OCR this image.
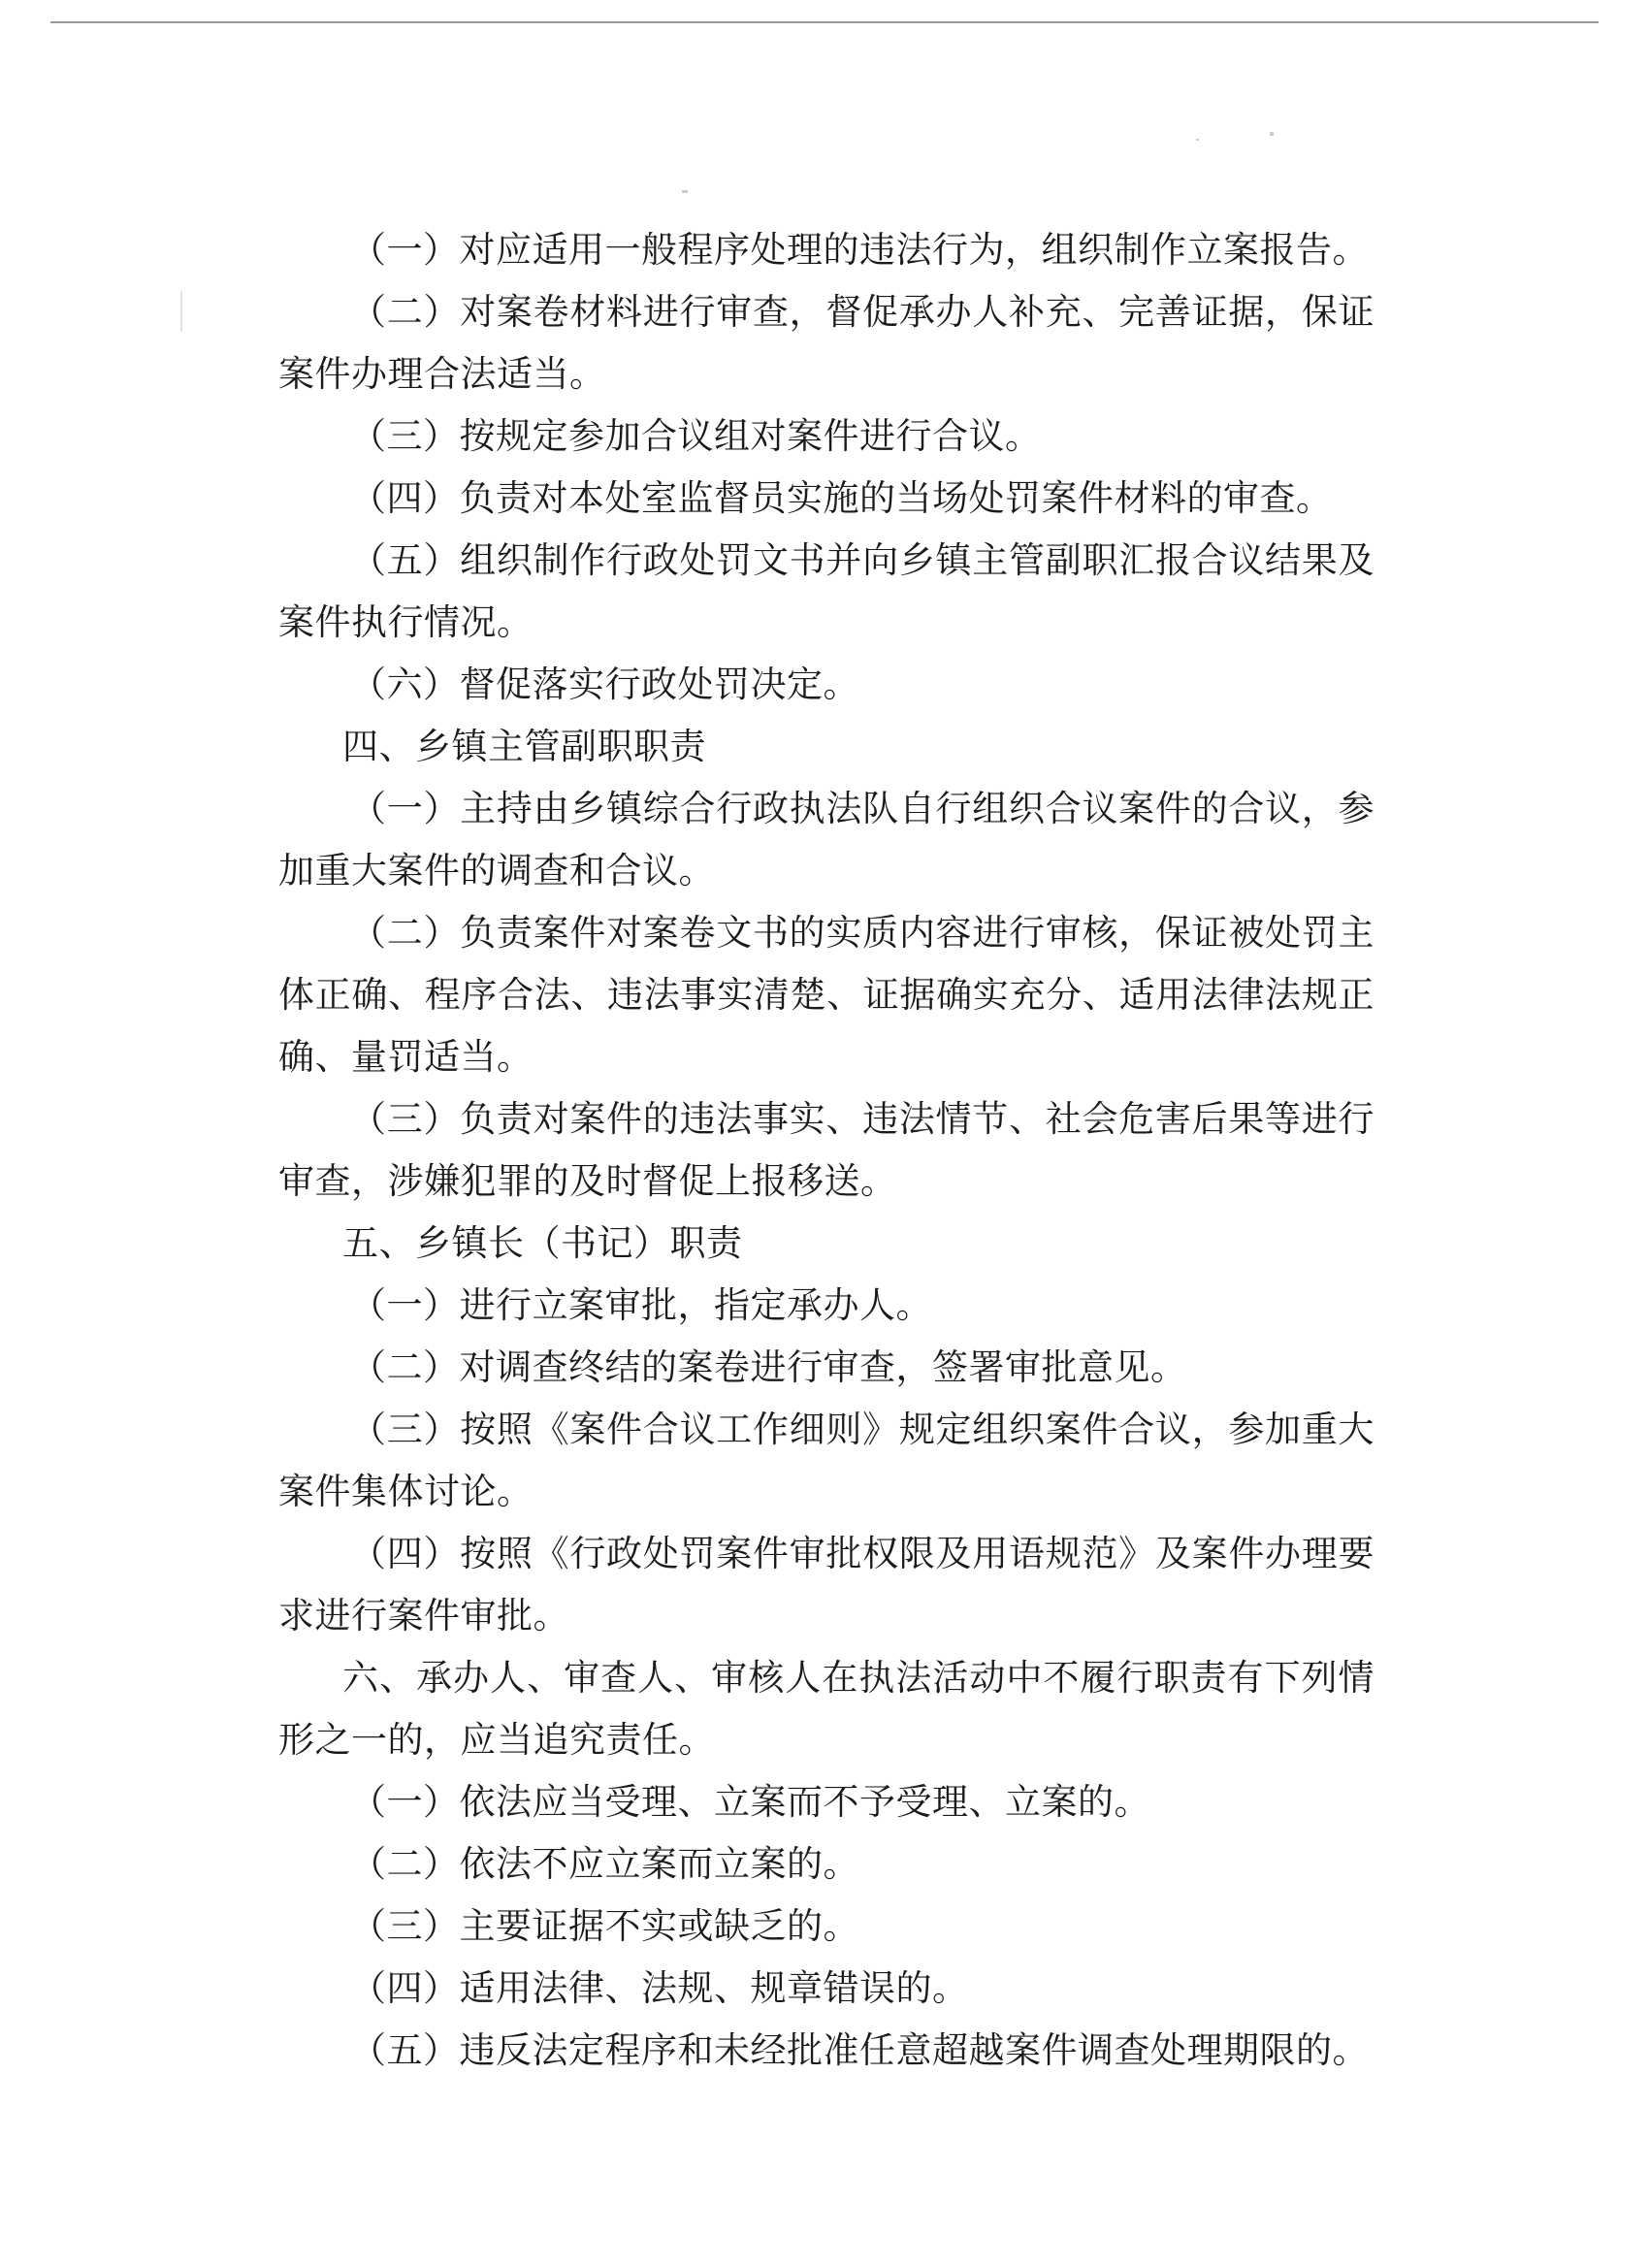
（一）对应适用一般程序处理的违法行为，组织制作立案报告。

（二）对案卷材料进行审查，督促承办人补充、完善证据，保证案件办理合法适当。

（三）按规定参加合议组对案件进行合议。

（四）负责对本处室监督员实施的当场处罚案件材料的审查。

（五）组织制作行政处罚文书并向乡镇主管副职汇报合议结果及案件执行情况。

（六）督促落实行政处罚决定。

四、乡镇主管副职职责

（一）主持由乡镇综合行政执法队自行组织合议案件的合议，参加重大案件的调查和合议。

（二）负责案件对案卷文书的实质内容进行审核，保证被处罚主体正确、程序合法、违法事实清楚、证据确实充分、适用法律法规正确、量罚适当。

（三）负责对案件的违法事实、违法情节、社会危害后果等进行审查，涉嫌犯罪的及时督促上报移送。

五、乡镇长（书记）职责

（一）进行立案审批，指定承办人。

（二）对调查终结的案卷进行审查，签署审批意见。

（三）按照《案件合议工作细则》规定组织案件合议，参加重大案件集体讨论。

（四）按照《行政处罚案件审批权限及用语规范》及案件办理要求进行案件审批。

六、承办人、审查人、审核人在执法活动中不履行职责有下列情形之一的，应当追究责任。

（一）依法应当受理、立案而不予受理、立案的。

（二）依法不应立案而立案的。

（三）主要证据不实或缺乏的。

（四）适用法律、法规、规章错误的。

（五）违反法定程序和未经批准任意超越案件调查处理期限的。
